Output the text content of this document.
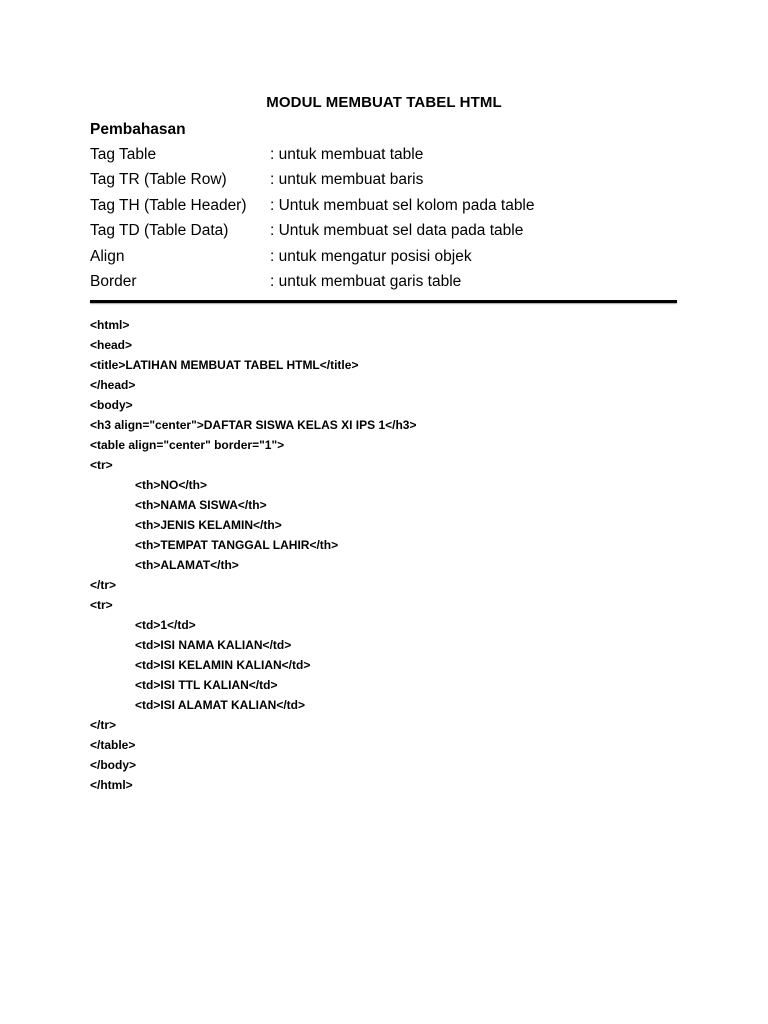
MODUL MEMBUAT TABEL HTML
Pembahasan
Tag Table	: untuk membuat table
Tag TR (Table Row)	: untuk membuat baris
Tag TH (Table Header) : Untuk membuat sel kolom pada table
Tag TD (Table Data)	: Untuk membuat sel data pada table
Align	: untuk mengatur posisi objek
Border	: untuk membuat garis table
<html>
<head>
<title>LATIHAN MEMBUAT TABEL HTML</title>
</head>
<body>
<h3 align="center">DAFTAR SISWA KELAS XI IPS 1</h3>
<table align="center" border="1">
<tr>
<th>NO</th>
<th>NAMA SISWA</th>
<th>JENIS KELAMIN</th>
<th>TEMPAT TANGGAL LAHIR</th>
<th>ALAMAT</th>
</tr>
<tr>
<td>1</td>
<td>ISI NAMA KALIAN</td>
<td>ISI KELAMIN KALIAN</td>
<td>ISI TTL KALIAN</td>
<td>ISI ALAMAT KALIAN</td>
</tr>
</table>
</body>
</html>
